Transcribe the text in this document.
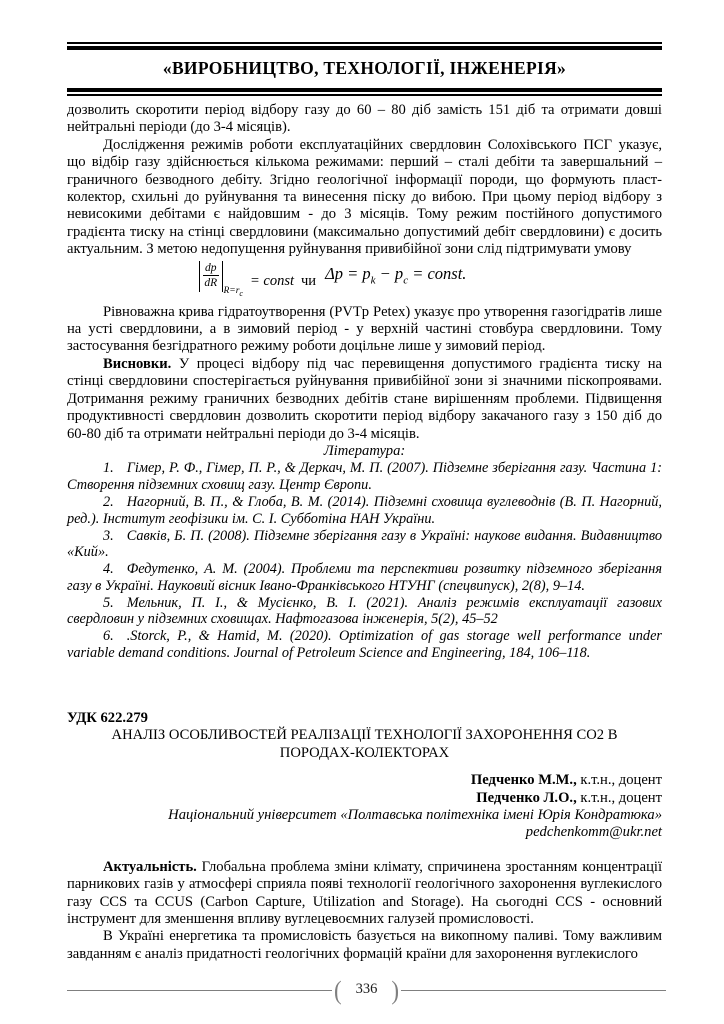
«ВИРОБНИЦТВО, ТЕХНОЛОГІЇ, ІНЖЕНЕРІЯ»

дозволить скоротити період відбору газу до 60 – 80 діб замість 151 діб та отримати довші нейтральні періоди (до 3-4 місяців).

Дослідження режимів роботи експлуатаційних свердловин Солохівського ПСГ указує, що відбір газу здійснюється кількома режимами: перший – сталі дебіти та завершальний – граничного безводного дебіту. Згідно геологічної інформації породи, що формують пласт-колектор, схильні до руйнування та винесення піску до вибою. При цьому період відбору з невисокими дебітами є найдовшим - до 3 місяців. Тому режим постійного допустимого градієнта тиску на стінці свердловини (максимально допустимий дебіт свердловини) є досить актуальним. З метою недопущення руйнування привибійної зони слід підтримувати умову

$\frac{dp}{dR}$
$R=r_c$
= const чи $\Delta p = p_k - p_c$ = const.

Рівноважна крива гідратоутворення (PVTp Petex) указує про утворення газогідратів лише на усті свердловини, а в зимовий період - у верхній частині стовбура свердловини. Тому застосування безгідратного режиму роботи доцільне лише у зимовий період.

Висновки. У процесі відбору під час перевищення допустимого градієнта тиску на стінці свердловини спостерігається руйнування привибійної зони зі значними піскопроявами. Дотримання режиму граничних безводних дебітів стане вирішенням проблеми. Підвищення продуктивності свердловин дозволить скоротити період відбору закачаного газу з 150 діб до 60-80 діб та отримати нейтральні періоди до 3-4 місяців.

Література:

1. Гімер, Р. Ф., Гімер, П. Р., & Деркач, М. П. (2007). Підземне зберігання газу. Частина 1: Створення підземних сховищ газу. Центр Європи.

2. Нагорний, В. П., & Глоба, В. М. (2014). Підземні сховища вуглеводнів (В. П. Нагорний, ред.). Інститут геофізики ім. С. І. Субботіна НАН України.

3. Савків, Б. П. (2008). Підземне зберігання газу в Україні: наукове видання. Видавництво «Кий».

4. Федутенко, А. М. (2004). Проблеми та перспективи розвитку підземного зберігання газу в Україні. Науковий вісник Івано-Франківського НТУНГ (спецвипуск), 2(8), 9–14.

5. Мельник, П. І., & Мусієнко, В. І. (2021). Аналіз режимів експлуатації газових свердловин у підземних сховищах. Нафтогазова інженерія, 5(2), 45–52

6. .Storck, P., & Hamid, M. (2020). Optimization of gas storage well performance under variable demand conditions. Journal of Petroleum Science and Engineering, 184, 106–118.

УДК 622.279

АНАЛІЗ ОСОБЛИВОСТЕЙ РЕАЛІЗАЦІЇ ТЕХНОЛОГІЇ ЗАХОРОНЕННЯ СО2 В ПОРОДАХ-КОЛЕКТОРАХ

Педченко М.М., к.т.н., доцент

Педченко Л.О., к.т.н., доцент

Національний університет «Полтавська політехніка імені Юрія Кондратюка»

pedchenkomm@ukr.net

Актуальність. Глобальна проблема зміни клімату, спричинена зростанням концентрації парникових газів у атмосфері сприяла появі технології геологічного захоронення вуглекислого газу CCS та CCUS (Carbon Capture, Utilization and Storage). На сьогодні CCS - основний інструмент для зменшення впливу вуглецевоємних галузей промисловості.

В Україні енергетика та промисловість базується на викопному паливі. Тому важливим завданням є аналіз придатності геологічних формацій країни для захоронення вуглекислого

( 336 )
